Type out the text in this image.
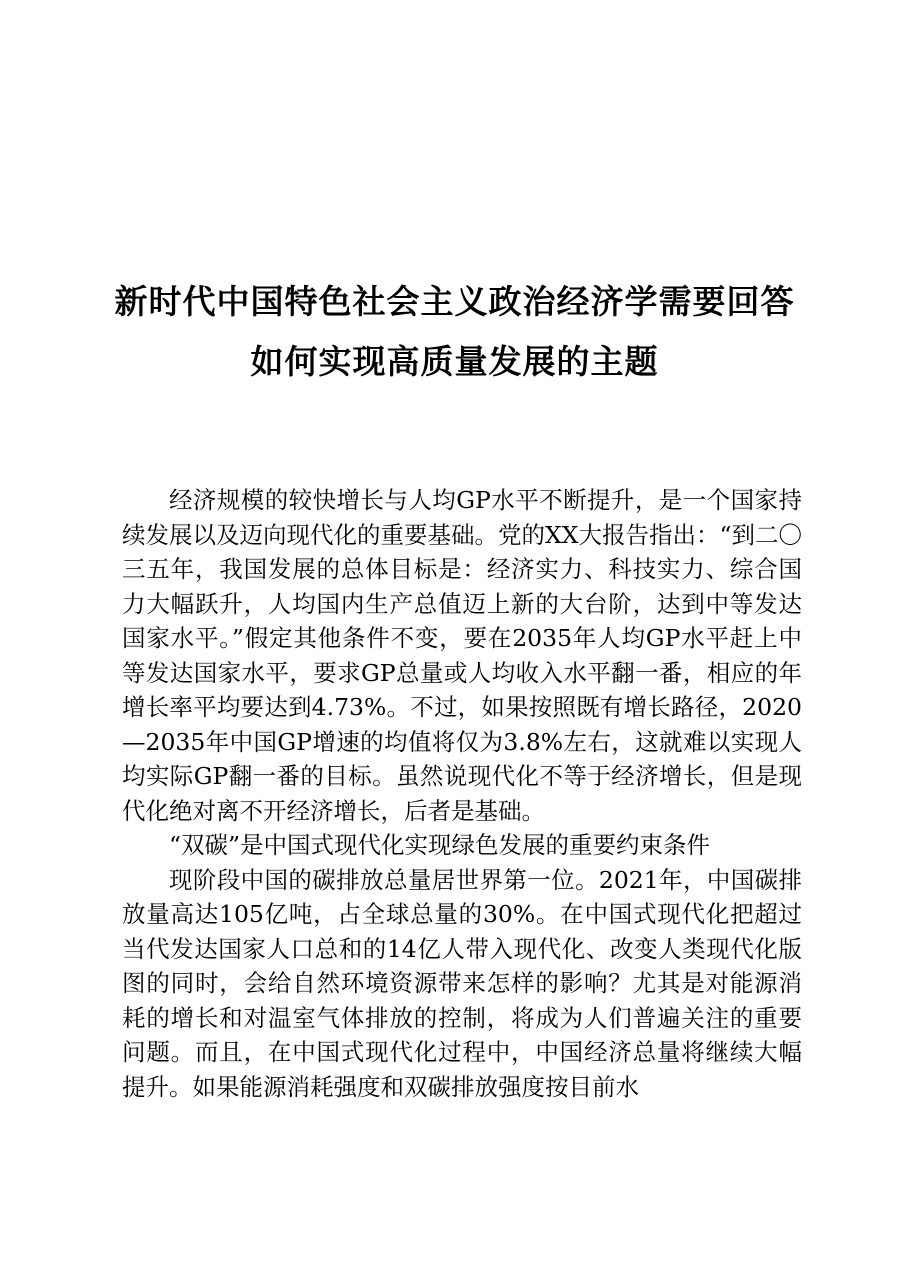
新时代中国特色社会主义政治经济学需要回答
如何实现高质量发展的主题

经济规模的较快增长与人均GP水平不断提升，是一个国家持续发展以及迈向现代化的重要基础。党的XX大报告指出：“到二〇三五年，我国发展的总体目标是：经济实力、科技实力、综合国力大幅跃升，人均国内生产总值迈上新的大台阶，达到中等发达国家水平。”假定其他条件不变，要在2035年人均GP水平赶上中等发达国家水平，要求GP总量或人均收入水平翻一番，相应的年增长率平均要达到4.73%。不过，如果按照既有增长路径，2020—2035年中国GP增速的均值将仅为3.8%左右，这就难以实现人均实际GP翻一番的目标。虽然说现代化不等于经济增长，但是现代化绝对离不开经济增长，后者是基础。

“双碳”是中国式现代化实现绿色发展的重要约束条件

现阶段中国的碳排放总量居世界第一位。2021年，中国碳排放量高达105亿吨，占全球总量的30%。在中国式现代化把超过当代发达国家人口总和的14亿人带入现代化、改变人类现代化版图的同时，会给自然环境资源带来怎样的影响？尤其是对能源消耗的增长和对温室气体排放的控制，将成为人们普遍关注的重要问题。而且，在中国式现代化过程中，中国经济总量将继续大幅提升。如果能源消耗强度和双碳排放强度按目前水
